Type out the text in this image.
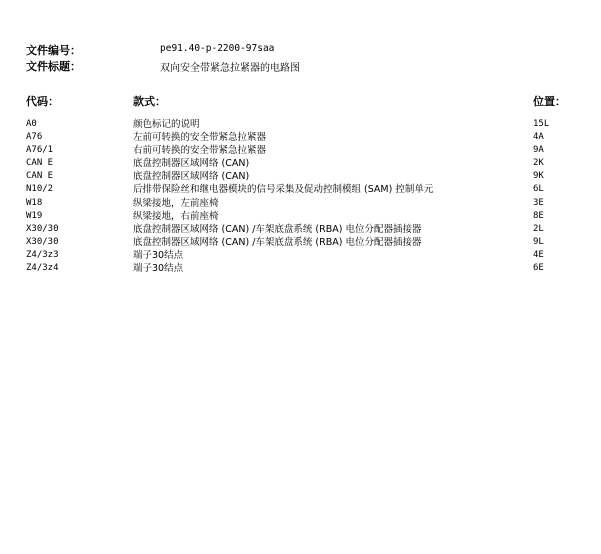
文件编号：	pe91.40-p-2200-97saa
文件标题：	双向安全带紧急拉紧器的电路图
代码：	款式：	位置：
A0	颜色标记的说明	15L
A76	左前可转换的安全带紧急拉紧器	4A
A76/1	右前可转换的安全带紧急拉紧器	9A
CAN E	底盘控制器区域网络 (CAN)	2K
CAN E	底盘控制器区域网络 (CAN)	9K
N10/2	后排带保险丝和继电器模块的信号采集及促动控制模组 (SAM) 控制单元	6L
W18	纵梁接地，左前座椅	3E
W19	纵梁接地，右前座椅	8E
X30/30	底盘控制器区域网络 (CAN) /车架底盘系统 (RBA) 电位分配器插接器	2L
X30/30	底盘控制器区域网络 (CAN) /车架底盘系统 (RBA) 电位分配器插接器	9L
Z4/3z3	端子30结点	4E
Z4/3z4	端子30结点	6E
